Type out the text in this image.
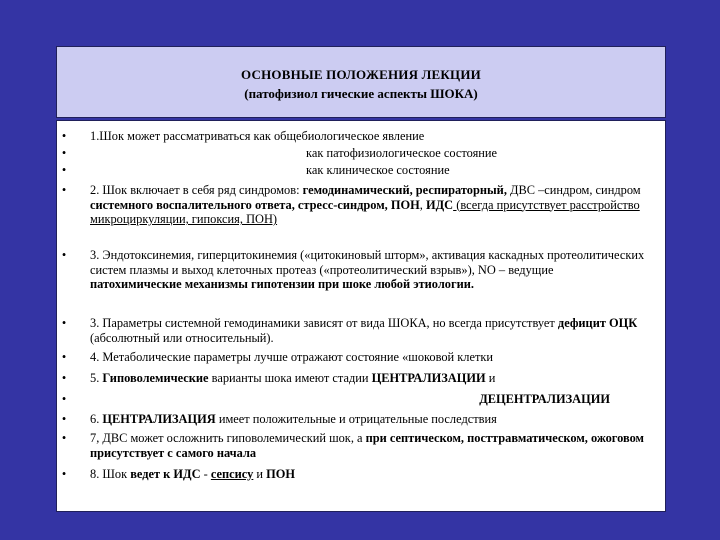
ОСНОВНЫЕ ПОЛОЖЕНИЯ ЛЕКЦИИ
(патофизиол гические аспекты ШОКА)
• 1.Шок может рассматриваться как общебиологическое явление
•	как патофизиологическое состояние
•	как клиническое состояние
• 2. Шок включает в себя ряд синдромов: гемодинамический, респираторный, ДВС –синдром, синдром системного воспалительного ответа, стресс-синдром, ПОН, ИДС (всегда присутствует расстройство микроциркуляции, гипоксия, ПОН)
• 3. Эндотоксинемия, гиперцитокинемия («цитокиновый шторм», активация каскадных протеолитических систем плазмы и выход клеточных протеаз («протеолитический взрыв»), NO – ведущие патохимические механизмы гипотензии при шоке любой этиологии.
• 3. Параметры системной гемодинамики зависят от вида ШОКА, но всегда присутствует дефицит ОЦК (абсолютный или относительный).
• 4. Метаболические параметры лучше отражают состояние «шоковой клетки
• 5. Гиповолемические варианты шока имеют стадии ЦЕНТРАЛИЗАЦИИ и
•	ДЕЦЕНТРАЛИЗАЦИИ
• 6. ЦЕНТРАЛИЗАЦИЯ имеет положительные и отрицательные последствия
• 7, ДВС может осложнить гиповолемический шок, а при септическом, посттравматическом, ожоговом присутствует с самого начала
• 8. Шок ведет к ИДС - сепсису и ПОН
